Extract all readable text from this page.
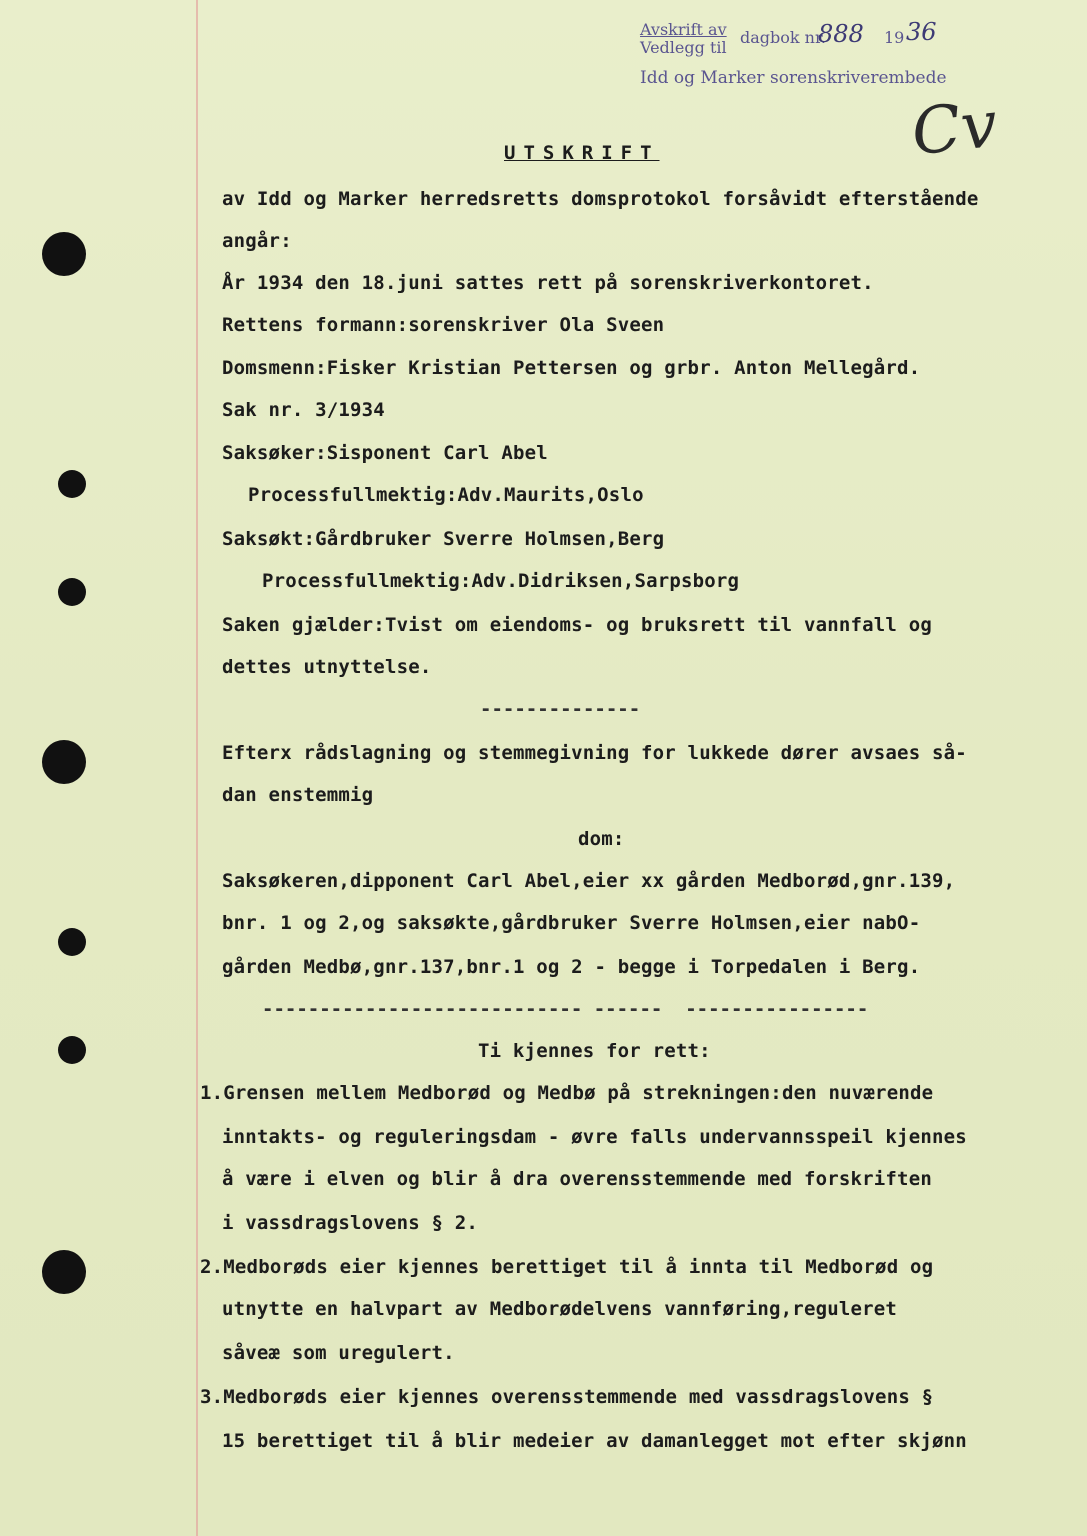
Avskrift av
Vedlegg til
dagbok nr.
888 19 36
Idd og Marker sorenskriverembede
Cv
UTSKRIFT
av Idd og Marker herredsretts domsprotokol forsåvidt efterstående
angår:
År 1934 den 18.juni sattes rett på sorenskriverkontoret.
Rettens formann:sorenskriver Ola Sveen
Domsmenn:Fisker Kristian Pettersen og grbr. Anton Mellegård.
Sak nr. 3/1934
Saksøker:Sisponent Carl Abel
Processfullmektig:Adv.Maurits,Oslo
Saksøkt:Gårdbruker Sverre Holmsen,Berg
Processfullmektig:Adv.Didriksen,Sarpsborg
Saken gjælder:Tvist om eiendoms- og bruksrett til vannfall og
dettes utnyttelse.
--------------
Efterx rådslagning og stemmegivning for lukkede dører avsaes så-
dan enstemmig
dom:
Saksøkeren,dipponent Carl Abel,eier xx gården Medborød,gnr.139,
bnr. 1 og 2,og saksøkte,gårdbruker Sverre Holmsen,eier nabO-
gården Medbø,gnr.137,bnr.1 og 2 - begge i Torpedalen i Berg.
---------------------------- ------  ----------------
Ti kjennes for rett:
1.Grensen mellem Medborød og Medbø på strekningen:den nuværende
inntakts- og reguleringsdam - øvre falls undervannsspeil kjennes
å være i elven og blir å dra overensstemmende med forskriften
i vassdragslovens § 2.
2.Medborøds eier kjennes berettiget til å innta til Medborød og
utnytte en halvpart av Medborødelvens vannføring,reguleret
såveæ som uregulert.
3.Medborøds eier kjennes overensstemmende med vassdragslovens §
15 berettiget til å blir medeier av damanlegget mot efter skjønn
